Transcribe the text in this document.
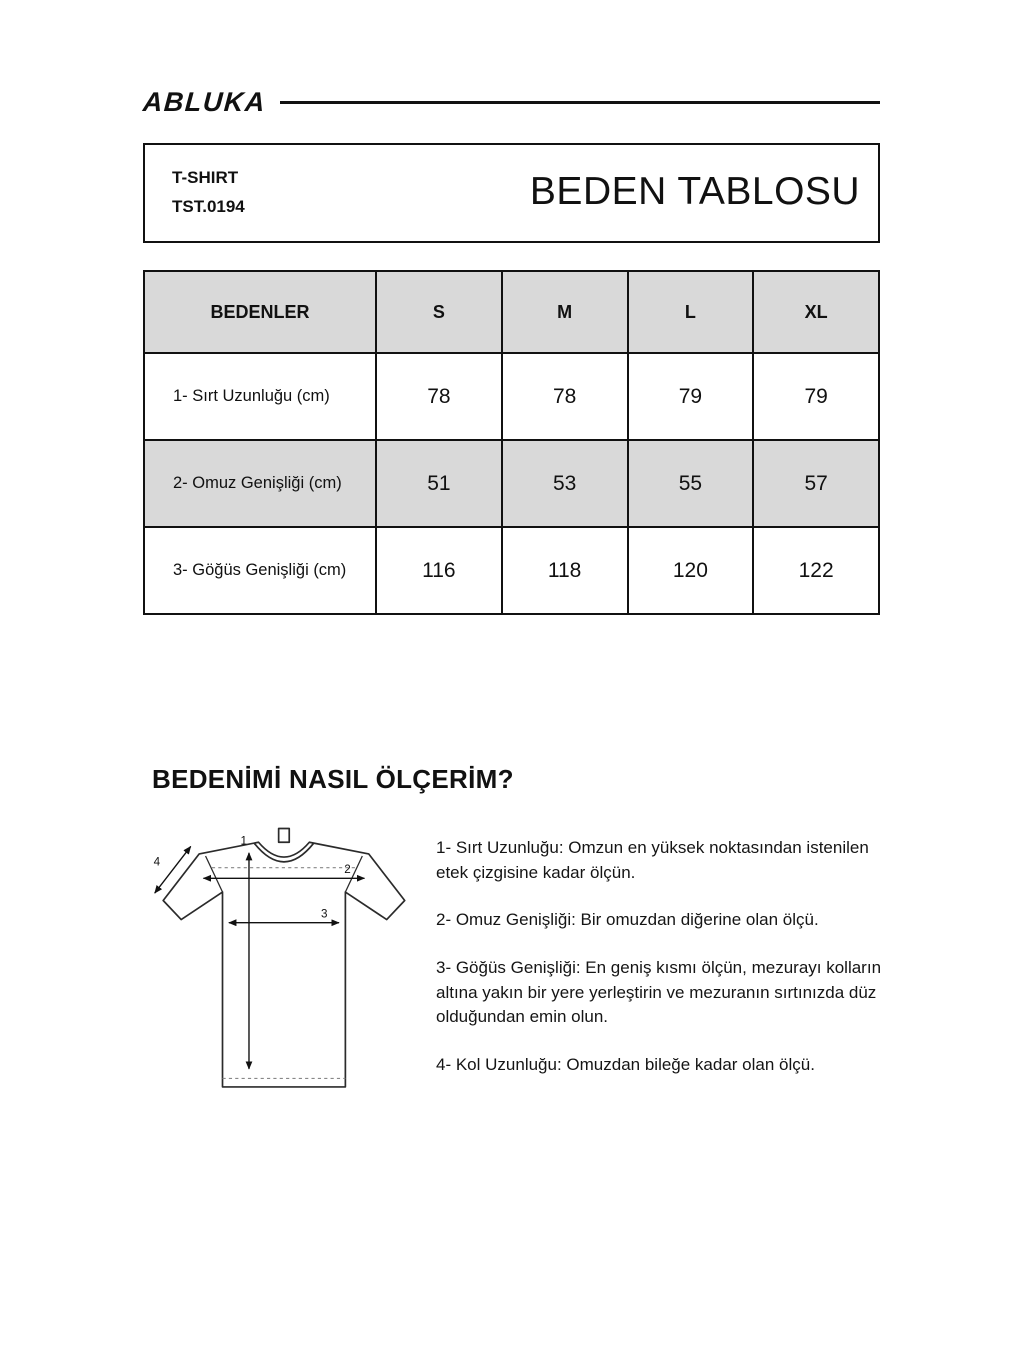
ABLUKA
T-SHIRT
TST.0194	BEDEN TABLOSU
BEDENLER	S	M	L	XL
1- Sırt Uzunluğu (cm)	78	78	79	79
2- Omuz Genişliği (cm)	51	53	55	57
3- Göğüs Genişliği (cm)	116	118	120	122
BEDENİMİ NASIL ÖLÇERİM?
1
2
3
4

1- Sırt Uzunluğu: Omzun en yüksek noktasından istenilen etek çizgisine kadar ölçün.

2- Omuz Genişliği: Bir omuzdan diğerine olan ölçü.

3- Göğüs Genişliği: En geniş kısmı ölçün, mezurayı kolların altına yakın bir yere yerleştirin ve mezuranın sırtınızda düz olduğundan emin olun.

4- Kol Uzunluğu: Omuzdan bileğe kadar olan ölçü.
